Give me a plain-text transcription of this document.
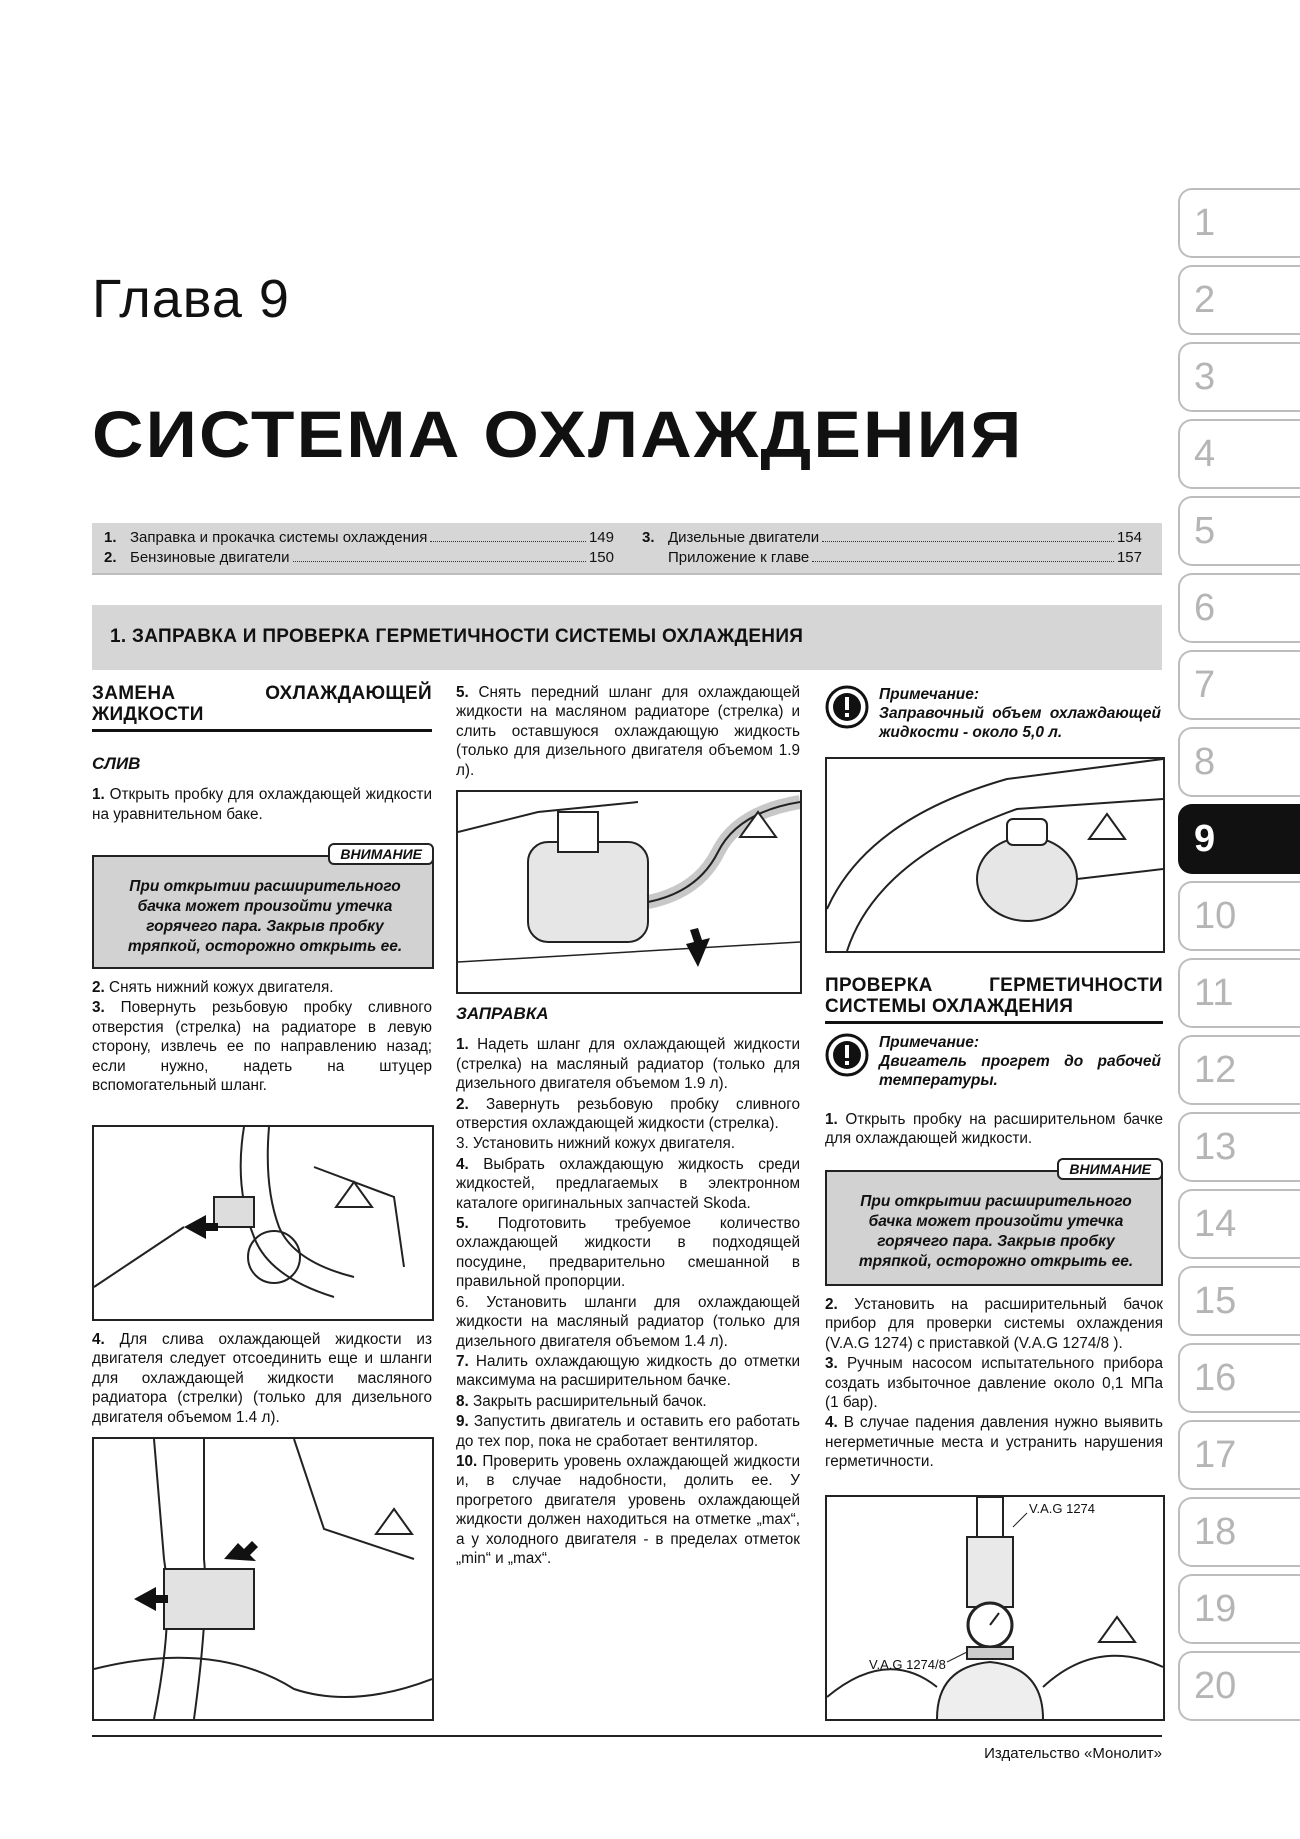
Глава 9
СИСТЕМА ОХЛАЖДЕНИЯ
1. Заправка и прокачка системы охлаждения	149
2. Бензиновые двигатели	150
3. Дизельные двигатели	154
Приложение к главе	157
1. ЗАПРАВКА И ПРОВЕРКА ГЕРМЕТИЧНОСТИ СИСТЕМЫ ОХЛАЖДЕНИЯ
ЗАМЕНА ОХЛАЖДАЮЩЕЙ ЖИДКОСТИ
СЛИВ

1. Открыть пробку для охлаждающей жидкости на уравнительном баке.

ВНИМАНИЕ
При открытии расширительного бачка может произойти утечка горячего пара. Закрыв пробку тряпкой, осторожно открыть ее.

2. Снять нижний кожух двигателя.

3. Повернуть резьбовую пробку сливного отверстия (стрелка) на радиаторе в левую сторону, извлечь ее по направлению назад; если нужно, надеть на штуцер вспомогательный шланг.

4. Для слива охлаждающей жидкости из двигателя следует отсоединить еще и шланги для охлаждающей жидкости масляного радиатора (стрелки) (только для дизельного двигателя объемом 1.4 л).

5. Снять передний шланг для охлаждающей жидкости на масляном радиаторе (стрелка) и слить оставшуюся охлаждающую жидкость (только для дизельного двигателя объемом 1.9 л).

ЗАПРАВКА

1. Надеть шланг для охлаждающей жидкости (стрелка) на масляный радиатор (только для дизельного двигателя объемом 1.9 л).

2. Завернуть резьбовую пробку сливного отверстия охлаждающей жидкости (стрелка).

3. Установить нижний кожух двигателя.

4. Выбрать охлаждающую жидкость среди жидкостей, предлагаемых в электронном каталоге оригинальных запчастей Skoda.

5. Подготовить требуемое количество охлаждающей жидкости в подходящей посудине, предварительно смешанной в правильной пропорции.

6. Установить шланги для охлаждающей жидкости на масляный радиатор (только для дизельного двигателя объемом 1.4 л).

7. Налить охлаждающую жидкость до отметки максимума на расширительном бачке.

8. Закрыть расширительный бачок.

9. Запустить двигатель и оставить его работать до тех пор, пока не сработает вентилятор.

10. Проверить уровень охлаждающей жидкости и, в случае надобности, долить ее. У прогретого двигателя уровень охлаждающей жидкости должен находиться на отметке „max“, а у холодного двигателя - в пределах отметок „min“ и „max“.

Примечание:
Заправочный объем охлаждающей жидкости - около 5,0 л.
ПРОВЕРКА ГЕРМЕТИЧНОСТИ СИСТЕМЫ ОХЛАЖДЕНИЯ
Примечание:
Двигатель прогрет до рабочей температуры.

1. Открыть пробку на расширительном бачке для охлаждающей жидкости.

ВНИМАНИЕ
При открытии расширительного бачка может произойти утечка горячего пара. Закрыв пробку тряпкой, осторожно открыть ее.

2. Установить на расширительный бачок прибор для проверки системы охлаждения (V.A.G 1274) с приставкой (V.A.G 1274/8 ).

3. Ручным насосом испытательного прибора создать избыточное давление около 0,1 МПа (1 бар).

4. В случае падения давления нужно выявить негерметичные места и устранить нарушения герметичности.

V.A.G 1274
V.A.G 1274/8
1
2
3
4
5
6
7
8
9
10
11
12
13
14
15
16
17
18
19
20
Издательство «Монолит»
